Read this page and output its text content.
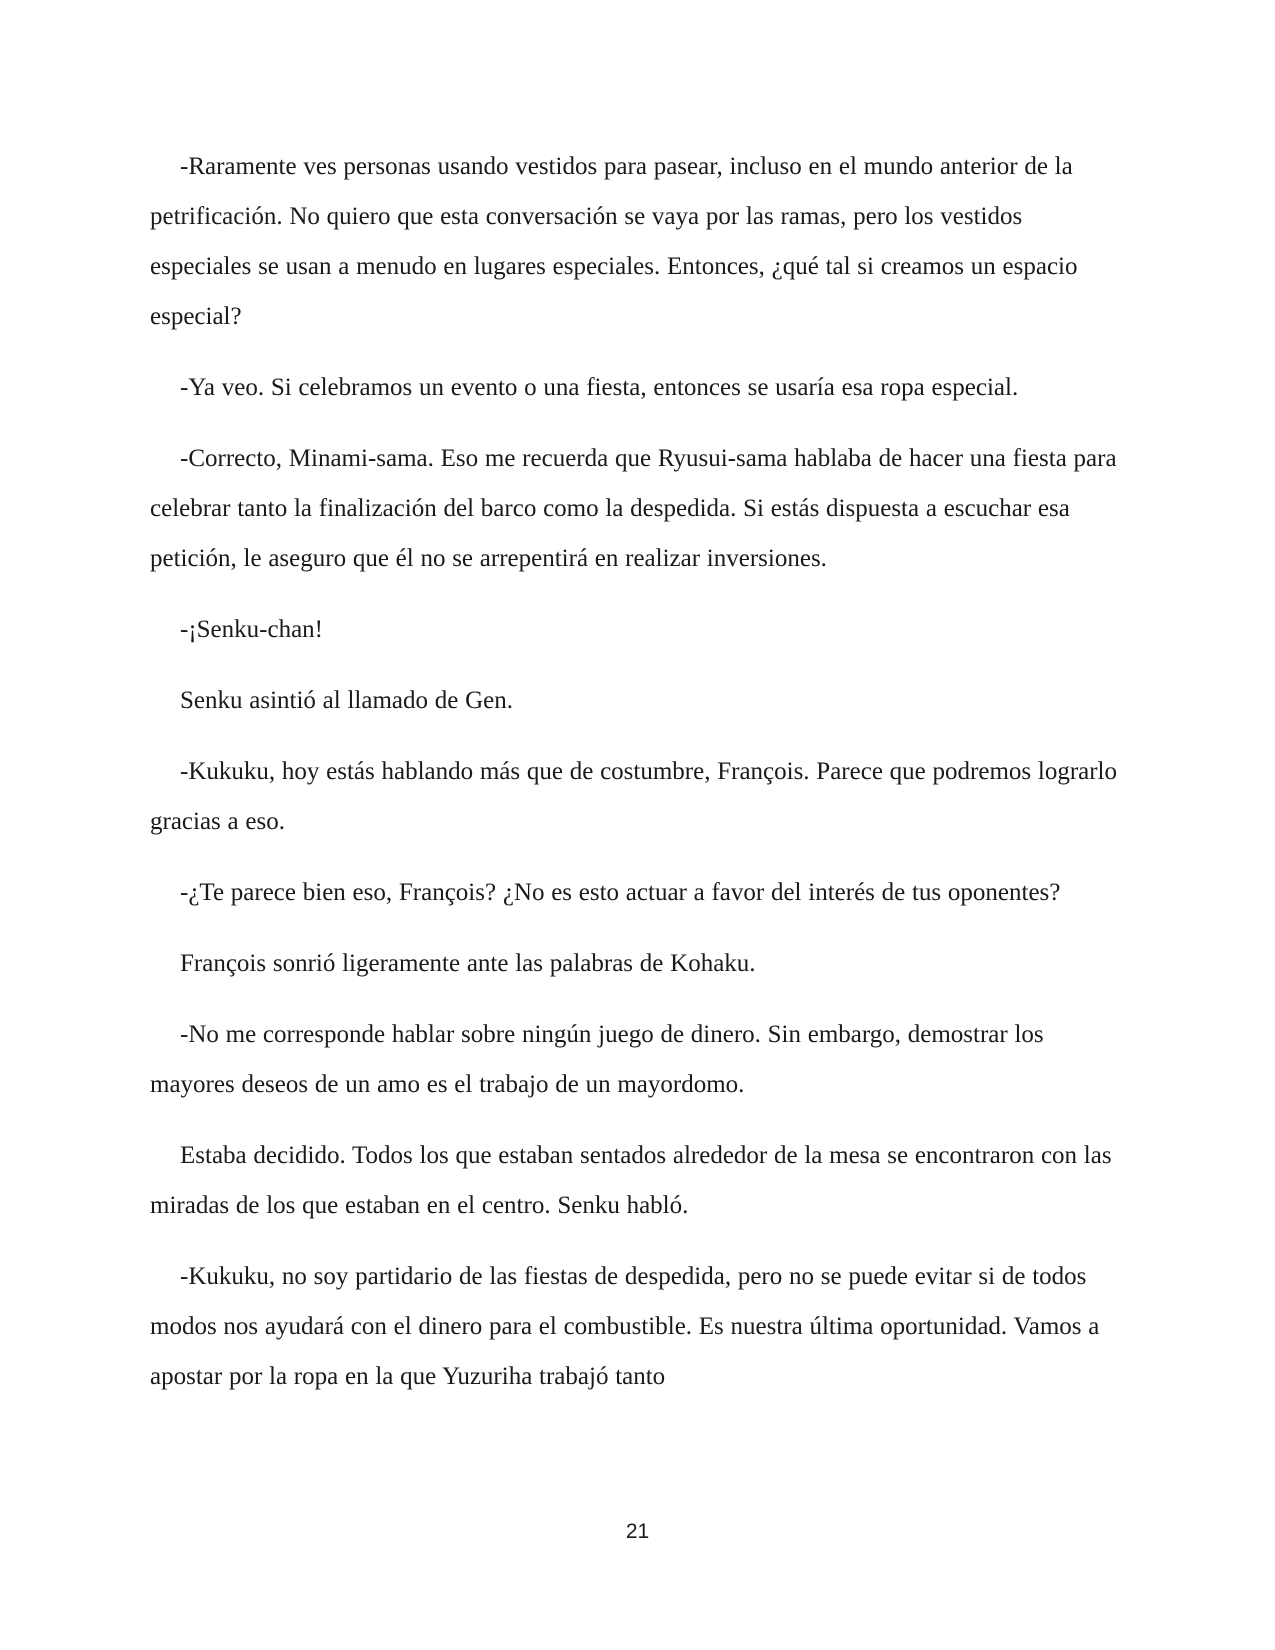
-Raramente ves personas usando vestidos para pasear, incluso en el mundo anterior de la petrificación. No quiero que esta conversación se vaya por las ramas, pero los vestidos especiales se usan a menudo en lugares especiales. Entonces, ¿qué tal si creamos un espacio especial?

-Ya veo. Si celebramos un evento o una fiesta, entonces se usaría esa ropa especial.

-Correcto, Minami-sama. Eso me recuerda que Ryusui-sama hablaba de hacer una fiesta para celebrar tanto la finalización del barco como la despedida. Si estás dispuesta a escuchar esa petición, le aseguro que él no se arrepentirá en realizar inversiones.

-¡Senku-chan!

Senku asintió al llamado de Gen.

-Kukuku, hoy estás hablando más que de costumbre, François. Parece que podremos lograrlo gracias a eso.

-¿Te parece bien eso, François? ¿No es esto actuar a favor del interés de tus oponentes?

François sonrió ligeramente ante las palabras de Kohaku.

-No me corresponde hablar sobre ningún juego de dinero. Sin embargo, demostrar los mayores deseos de un amo es el trabajo de un mayordomo.

Estaba decidido. Todos los que estaban sentados alrededor de la mesa se encontraron con las miradas de los que estaban en el centro. Senku habló.

-Kukuku, no soy partidario de las fiestas de despedida, pero no se puede evitar si de todos modos nos ayudará con el dinero para el combustible. Es nuestra última oportunidad. Vamos a apostar por la ropa en la que Yuzuriha trabajó tanto

21
